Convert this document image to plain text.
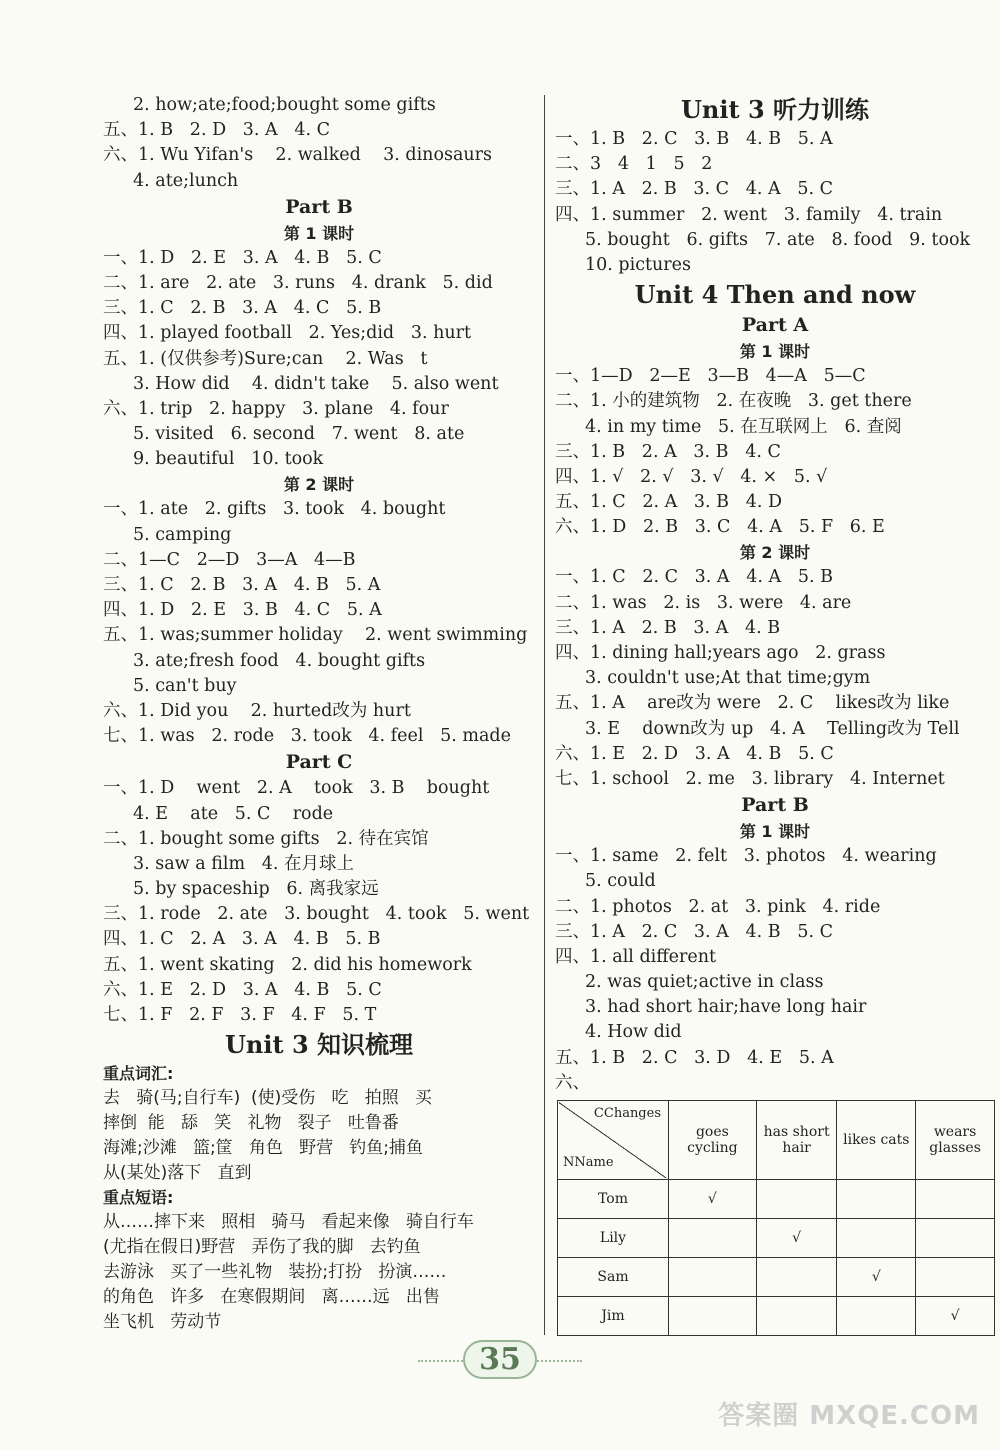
2. how;ate;food;bought some gifts
五、1. B   2. D   3. A   4. C
六、1. Wu Yifan's    2. walked    3. dinosaurs
4. ate;lunch
Part B
第 1 课时
一、1. D   2. E   3. A   4. B   5. C
二、1. are   2. ate   3. runs   4. drank   5. did
三、1. C   2. B   3. A   4. C   5. B
四、1. played football   2. Yes;did   3. hurt
五、1. (仅供参考)Sure;can    2. Was   t
3. How did    4. didn't take    5. also went
六、1. trip   2. happy   3. plane   4. four
5. visited   6. second   7. went   8. ate
9. beautiful   10. took
第 2 课时
一、1. ate   2. gifts   3. took   4. bought
5. camping
二、1—C   2—D   3—A   4—B
三、1. C   2. B   3. A   4. B   5. A
四、1. D   2. E   3. B   4. C   5. A
五、1. was;summer holiday    2. went swimming
3. ate;fresh food   4. bought gifts
5. can't buy
六、1. Did you    2. hurted改为 hurt
七、1. was   2. rode   3. took   4. feel   5. made
Part C
一、1. D    went   2. A    took   3. B    bought
4. E    ate   5. C    rode
二、1. bought some gifts   2. 待在宾馆
3. saw a film   4. 在月球上
5. by spaceship   6. 离我家远
三、1. rode   2. ate   3. bought   4. took   5. went
四、1. C   2. A   3. A   4. B   5. B
五、1. went skating   2. did his homework
六、1. E   2. D   3. A   4. B   5. C
七、1. F   2. F   3. F   4. F   5. T
Unit 3 知识梳理
重点词汇:
去   骑(马;自行车)  (使)受伤   吃   拍照   买
摔倒  能   舔   笑   礼物   裂子   吐鲁番
海滩;沙滩   篮;筐   角色   野营   钓鱼;捕鱼
从(某处)落下   直到
重点短语:
从……摔下来   照相   骑马   看起来像   骑自行车
(尤指在假日)野营   弄伤了我的脚   去钓鱼
去游泳   买了一些礼物   装扮;打扮   扮演……
的角色   许多   在寒假期间   离……远   出售
坐飞机   劳动节
Unit 3 听力训练
一、1. B   2. C   3. B   4. B   5. A
二、3   4   1   5   2
三、1. A   2. B   3. C   4. A   5. C
四、1. summer   2. went   3. family   4. train
5. bought   6. gifts   7. ate   8. food   9. took
10. pictures
Unit 4 Then and now
Part A
第 1 课时
一、1—D   2—E   3—B   4—A   5—C
二、1. 小的建筑物   2. 在夜晚   3. get there
4. in my time   5. 在互联网上   6. 查阅
三、1. B   2. A   3. B   4. C
四、1. √   2. √   3. √   4. ×   5. √
五、1. C   2. A   3. B   4. D
六、1. D   2. B   3. C   4. A   5. F   6. E
第 2 课时
一、1. C   2. C   3. A   4. A   5. B
二、1. was   2. is   3. were   4. are
三、1. A   2. B   3. A   4. B
四、1. dining hall;years ago   2. grass
3. couldn't use;At that time;gym
五、1. A    are改为 were   2. C    likes改为 like
3. E    down改为 up   4. A    Telling改为 Tell
六、1. E   2. D   3. A   4. B   5. C
七、1. school   2. me   3. library   4. Internet
Part B
第 1 课时
一、1. same   2. felt   3. photos   4. wearing
5. could
二、1. photos   2. at   3. pink   4. ride
三、1. A   2. C   3. A   4. B   5. C
四、1. all different
2. was quiet;active in class
3. had short hair;have long hair
4. How did
五、1. B   2. C   3. D   4. E   5. A
六、
CChanges
NName	goes cycling	has short hair	likes cats	wears glasses
Tom	√			
Lily		√		
Sam			√	
Jim				√
35
答案圈 MXQE.COM
